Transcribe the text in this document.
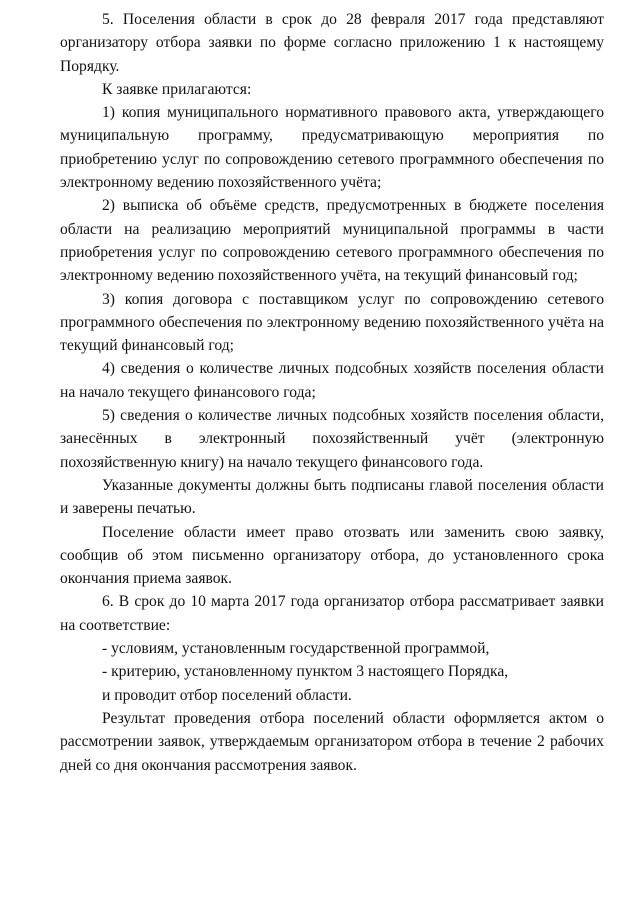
5. Поселения области в срок до 28 февраля 2017 года представляют организатору отбора заявки по форме согласно приложению 1 к настоящему Порядку.

К заявке прилагаются:

1) копия муниципального нормативного правового акта, утверждающего муниципальную программу, предусматривающую мероприятия по приобретению услуг по сопровождению сетевого программного обеспечения по электронному ведению похозяйственного учёта;

2) выписка об объёме средств, предусмотренных в бюджете поселения области на реализацию мероприятий муниципальной программы в части приобретения услуг по сопровождению сетевого программного обеспечения по электронному ведению похозяйственного учёта, на текущий финансовый год;

3) копия договора с поставщиком услуг по сопровождению сетевого программного обеспечения по электронному ведению похозяйственного учёта на текущий финансовый год;

4) сведения о количестве личных подсобных хозяйств поселения области на начало текущего финансового года;

5) сведения о количестве личных подсобных хозяйств поселения области, занесённых в электронный похозяйственный учёт (электронную похозяйственную книгу) на начало текущего финансового года.

Указанные документы должны быть подписаны главой поселения области и заверены печатью.

Поселение области имеет право отозвать или заменить свою заявку, сообщив об этом письменно организатору отбора, до установленного срока окончания приема заявок.

6. В срок до 10 марта 2017 года организатор отбора рассматривает заявки на соответствие:

- условиям, установленным государственной программой,

- критерию, установленному пунктом 3 настоящего Порядка,

и проводит отбор поселений области.

Результат проведения отбора поселений области оформляется актом о рассмотрении заявок, утверждаемым организатором отбора в течение 2 рабочих дней со дня окончания рассмотрения заявок.
